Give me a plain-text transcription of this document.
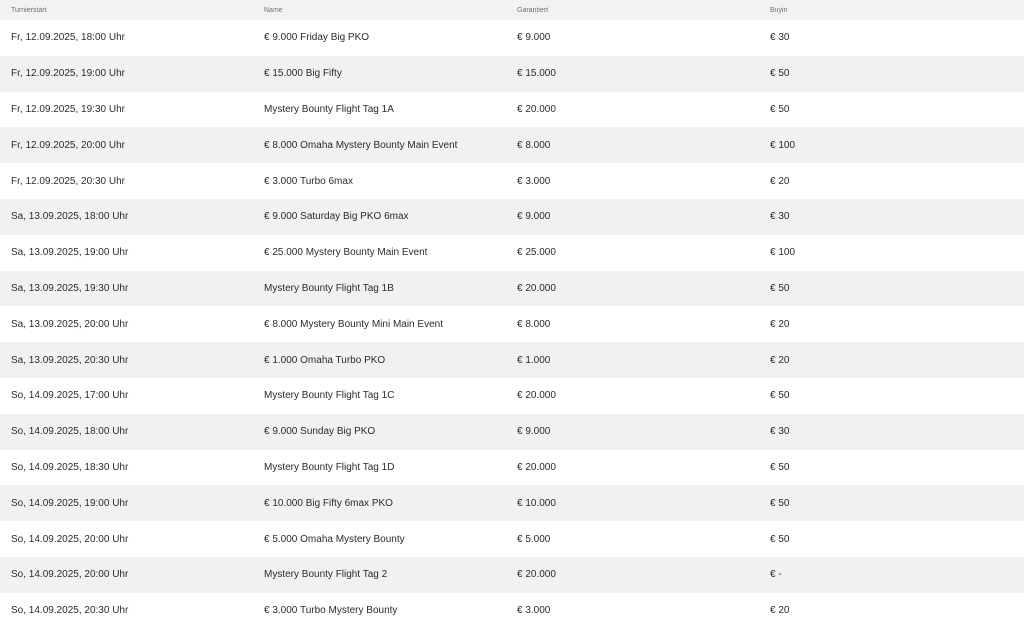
Turnierstart	Name	Garantiert	Buyin
Fr, 12.09.2025, 18:00 Uhr	€ 9.000 Friday Big PKO	€ 9.000	€ 30
Fr, 12.09.2025, 19:00 Uhr	€ 15.000 Big Fifty	€ 15.000	€ 50
Fr, 12.09.2025, 19:30 Uhr	Mystery Bounty Flight Tag 1A	€ 20.000	€ 50
Fr, 12.09.2025, 20:00 Uhr	€ 8.000 Omaha Mystery Bounty Main Event	€ 8.000	€ 100
Fr, 12.09.2025, 20:30 Uhr	€ 3.000 Turbo 6max	€ 3.000	€ 20
Sa, 13.09.2025, 18:00 Uhr	€ 9.000 Saturday Big PKO 6max	€ 9.000	€ 30
Sa, 13.09.2025, 19:00 Uhr	€ 25.000 Mystery Bounty Main Event	€ 25.000	€ 100
Sa, 13.09.2025, 19:30 Uhr	Mystery Bounty Flight Tag 1B	€ 20.000	€ 50
Sa, 13.09.2025, 20:00 Uhr	€ 8.000 Mystery Bounty Mini Main Event	€ 8.000	€ 20
Sa, 13.09.2025, 20:30 Uhr	€ 1.000 Omaha Turbo PKO	€ 1.000	€ 20
So, 14.09.2025, 17:00 Uhr	Mystery Bounty Flight Tag 1C	€ 20.000	€ 50
So, 14.09.2025, 18:00 Uhr	€ 9.000 Sunday Big PKO	€ 9.000	€ 30
So, 14.09.2025, 18:30 Uhr	Mystery Bounty Flight Tag 1D	€ 20.000	€ 50
So, 14.09.2025, 19:00 Uhr	€ 10.000 Big Fifty 6max PKO	€ 10.000	€ 50
So, 14.09.2025, 20:00 Uhr	€ 5.000 Omaha Mystery Bounty	€ 5.000	€ 50
So, 14.09.2025, 20:00 Uhr	Mystery Bounty Flight Tag 2	€ 20.000	€ -
So, 14.09.2025, 20:30 Uhr	€ 3.000 Turbo Mystery Bounty	€ 3.000	€ 20
